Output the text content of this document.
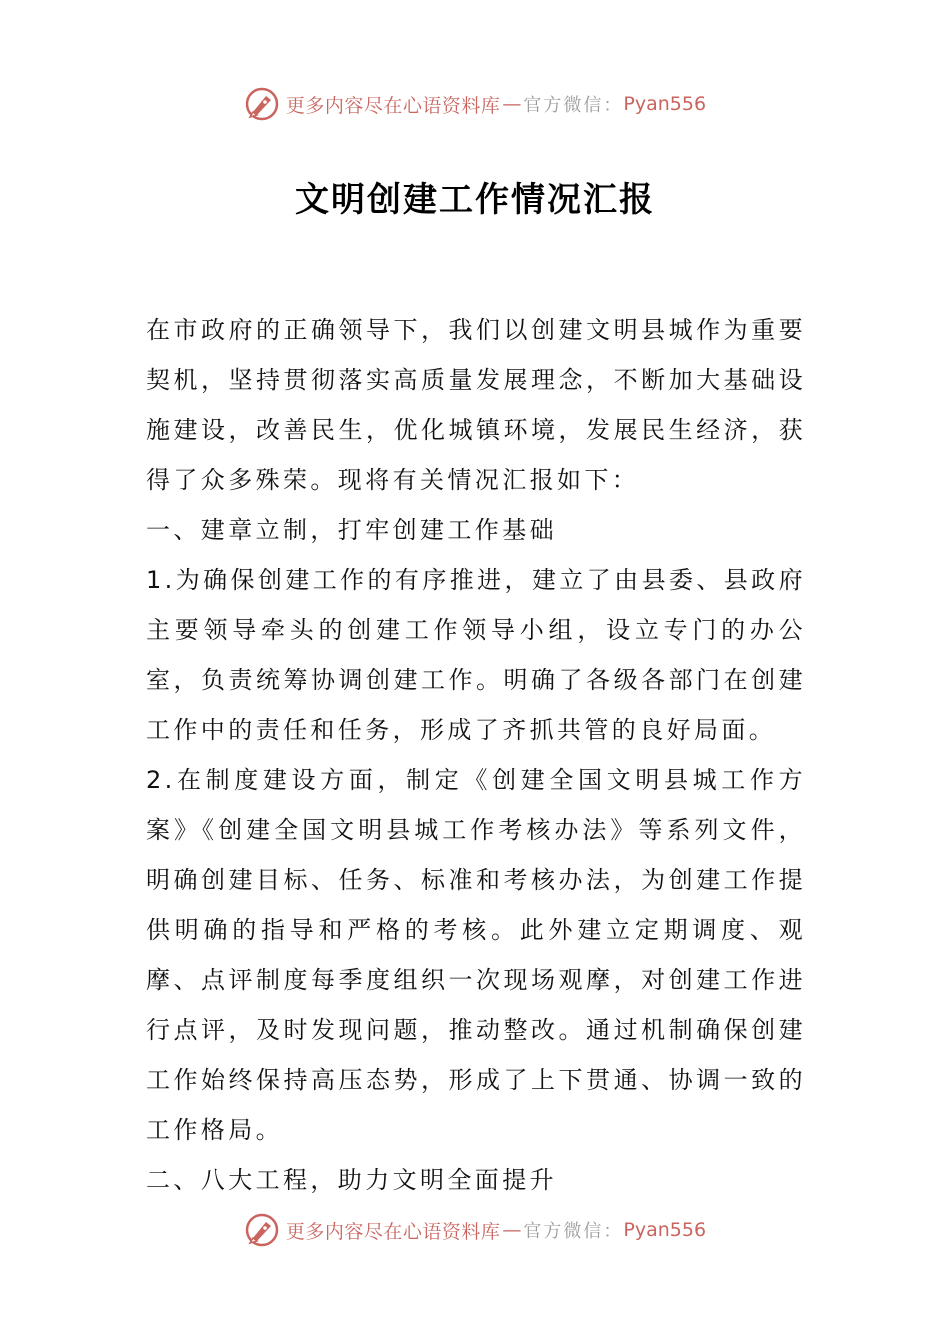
更多内容尽在心语资料库 — 官方微信： Pyan556
文明创建工作情况汇报

在市政府的正确领导下，我们以创建文明县城作为重要契机，坚持贯彻落实高质量发展理念，不断加大基础设施建设，改善民生，优化城镇环境，发展民生经济，获得了众多殊荣。现将有关情况汇报如下：

一、建章立制，打牢创建工作基础

1.为确保创建工作的有序推进，建立了由县委、县政府主要领导牵头的创建工作领导小组，设立专门的办公室，负责统筹协调创建工作。明确了各级各部门在创建工作中的责任和任务，形成了齐抓共管的良好局面。

2.在制度建设方面，制定《创建全国文明县城工作方案》《创建全国文明县城工作考核办法》等系列文件，明确创建目标、任务、标准和考核办法，为创建工作提供明确的指导和严格的考核。此外建立定期调度、观摩、点评制度每季度组织一次现场观摩，对创建工作进行点评，及时发现问题，推动整改。通过机制确保创建工作始终保持高压态势，形成了上下贯通、协调一致的工作格局。

二、八大工程，助力文明全面提升

更多内容尽在心语资料库 — 官方微信： Pyan556
